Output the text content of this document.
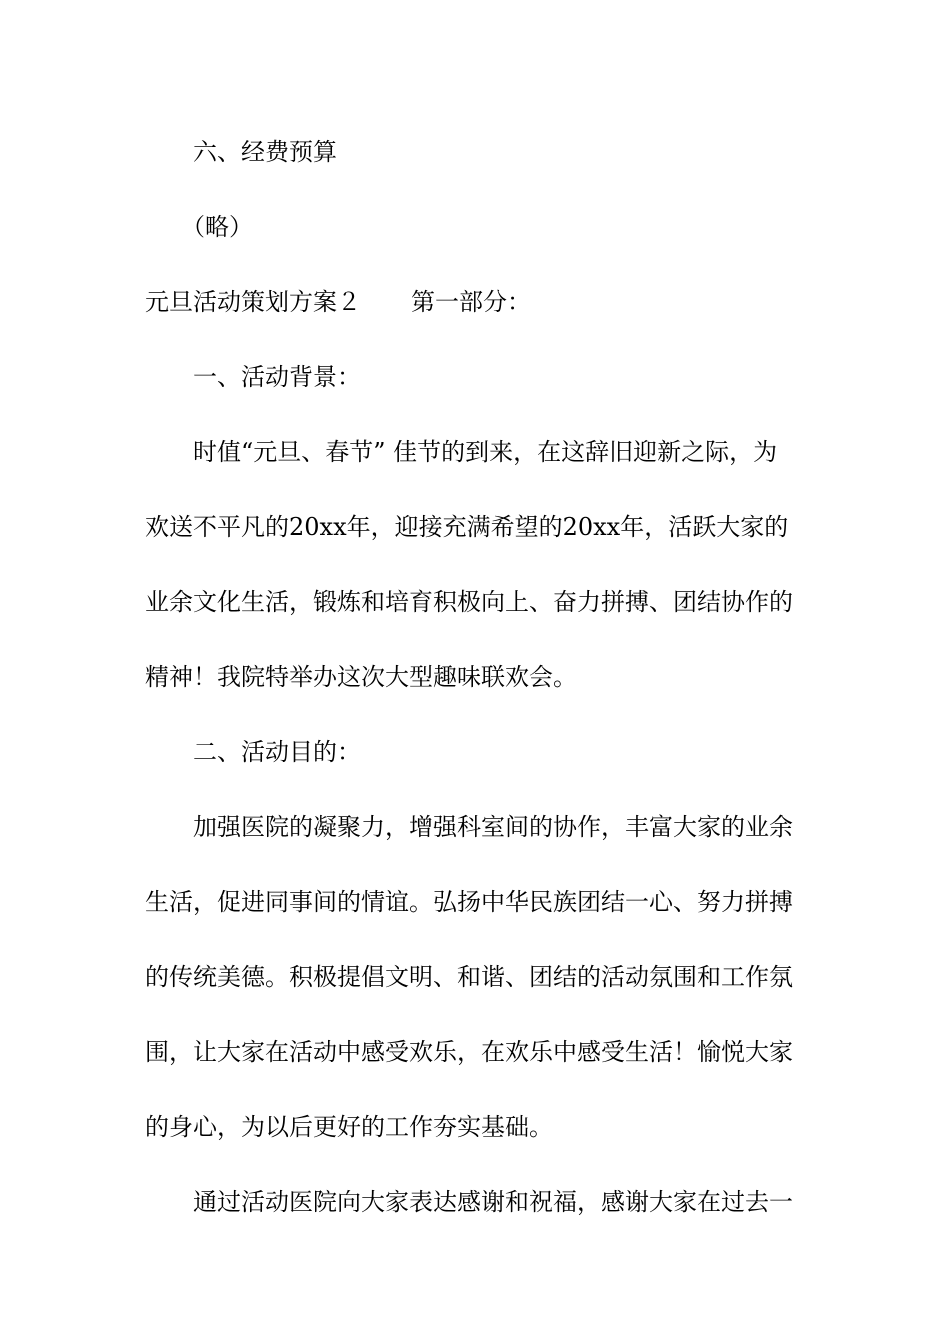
六、经费预算
（略）
元旦活动策划方案２ 第一部分：
一、活动背景：
时值“元旦、春节” 佳节的到来，在这辞旧迎新之际，为
欢送不平凡的20xx年，迎接充满希望的20xx年，活跃大家的
业余文化生活，锻炼和培育积极向上、奋力拼搏、团结协作的
精神！我院特举办这次大型趣味联欢会。
二、活动目的：
加强医院的凝聚力，增强科室间的协作，丰富大家的业余
生活，促进同事间的情谊。弘扬中华民族团结一心、努力拼搏
的传统美德。积极提倡文明、和谐、团结的活动氛围和工作氛
围，让大家在活动中感受欢乐，在欢乐中感受生活！愉悦大家
的身心，为以后更好的工作夯实基础。
通过活动医院向大家表达感谢和祝福，感谢大家在过去一
